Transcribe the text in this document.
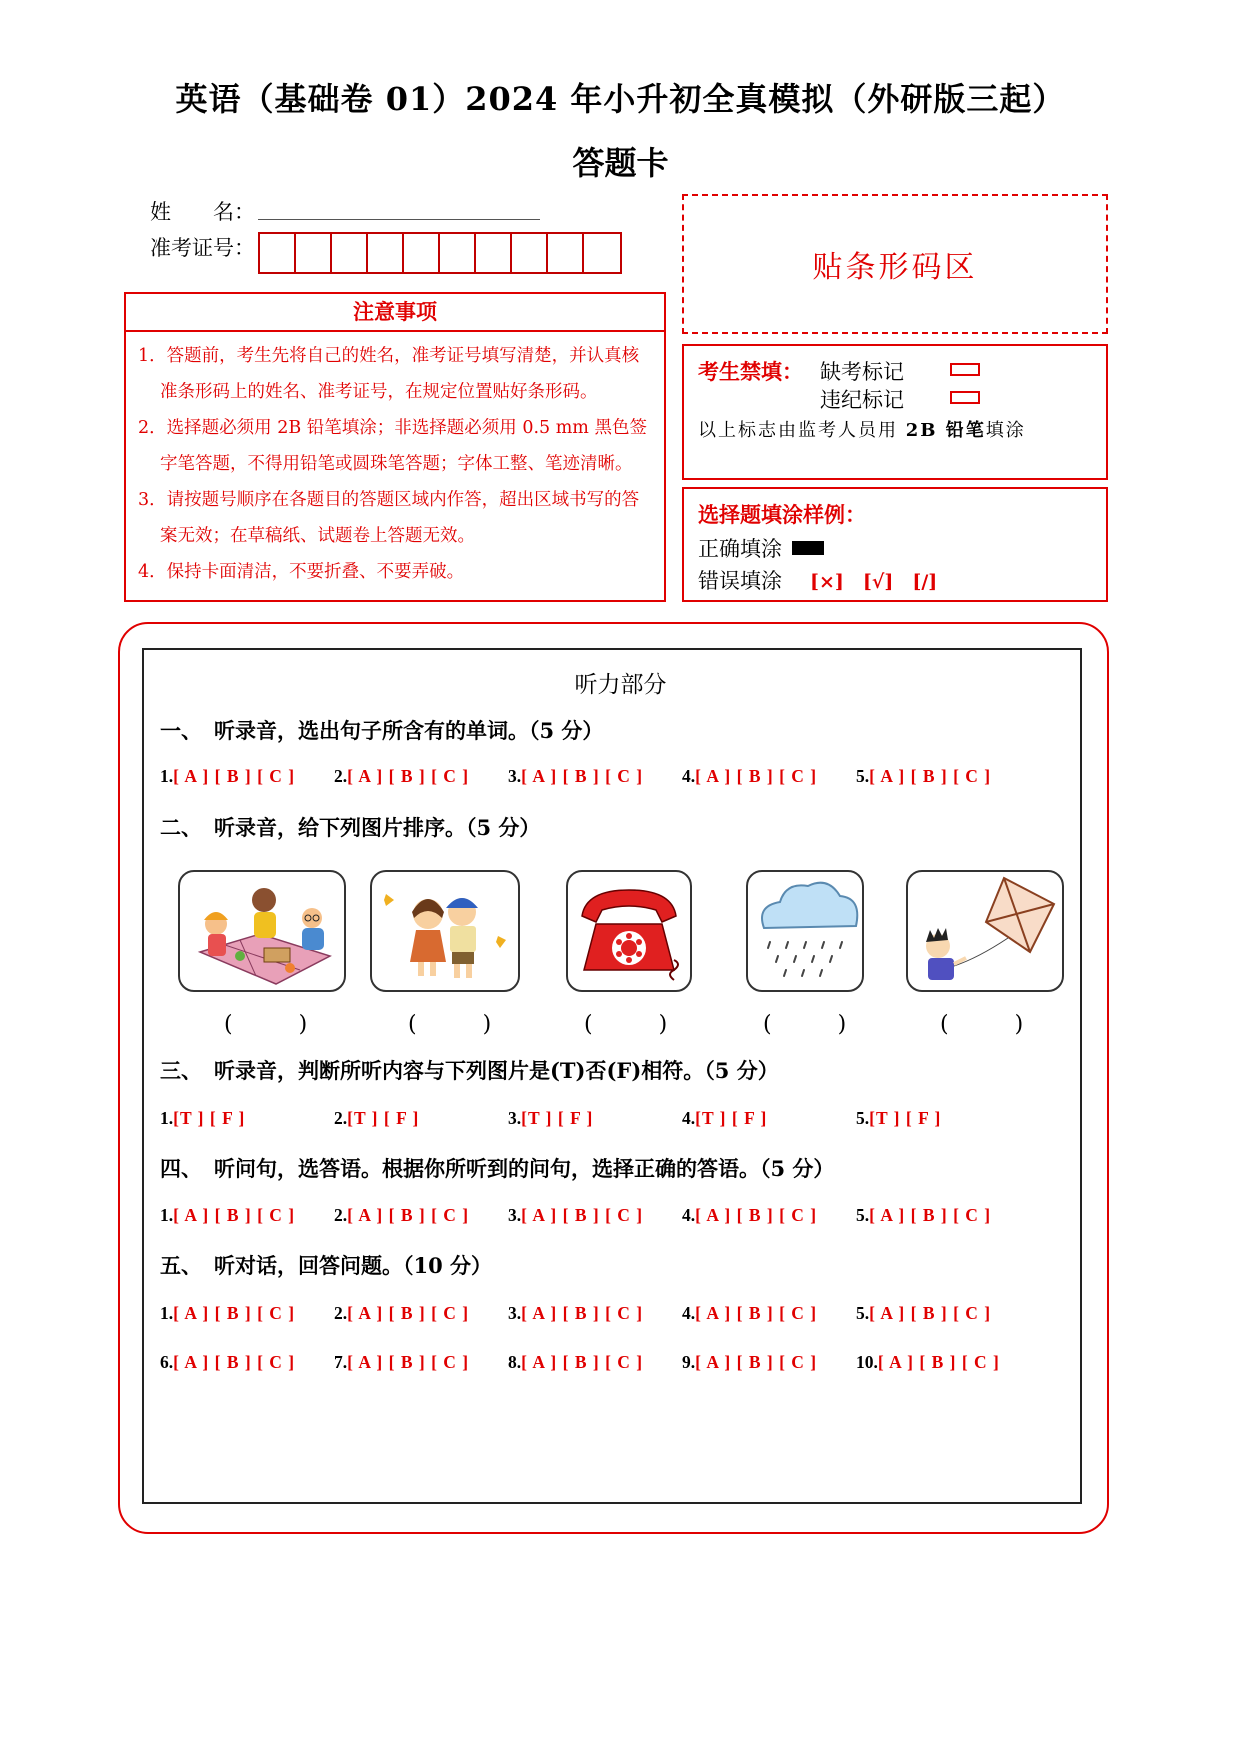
英语（基础卷 01）2024 年小升初全真模拟（外研版三起）
答题卡
姓　　名：
准考证号：
贴条形码区
注意事项
1．答题前，考生先将自己的姓名，准考证号填写清楚，并认真核准条形码上的姓名、准考证号，在规定位置贴好条形码。
2．选择题必须用 2B 铅笔填涂；非选择题必须用 0.5 mm 黑色签字笔答题，不得用铅笔或圆珠笔答题；字体工整、笔迹清晰。
3．请按题号顺序在各题目的答题区域内作答，超出区域书写的答案无效；在草稿纸、试题卷上答题无效。
4．保持卡面清洁，不要折叠、不要弄破。
考生禁填： 缺考标记
违纪标记
以上标志由监考人员用 2B 铅笔填涂
选择题填涂样例：
正确填涂
错误填涂 [×]　[√]　[/]
听力部分
一、 听录音，选出句子所含有的单词。（5 分）
1.[ A ] [ B ] [ C ] 2.[ A ] [ B ] [ C ] 3.[ A ] [ B ] [ C ] 4.[ A ] [ B ] [ C ] 5.[ A ] [ B ] [ C ]
二、 听录音，给下列图片排序。（5 分）
(　　　)	(　　　)	(　　　)	(　　　)	(　　　)
三、 听录音，判断所听内容与下列图片是(T)否(F)相符。（5 分）
1.[T ] [ F ]	2.[T ] [ F ]	3.[T ] [ F ]	4.[T ] [ F ]	5.[T ] [ F ]
四、 听问句，选答语。根据你所听到的问句，选择正确的答语。（5 分）
1.[ A ] [ B ] [ C ] 2.[ A ] [ B ] [ C ] 3.[ A ] [ B ] [ C ] 4.[ A ] [ B ] [ C ] 5.[ A ] [ B ] [ C ]
五、 听对话，回答问题。（10 分）
1.[ A ] [ B ] [ C ] 2.[ A ] [ B ] [ C ] 3.[ A ] [ B ] [ C ] 4.[ A ] [ B ] [ C ] 5.[ A ] [ B ] [ C ]
6.[ A ] [ B ] [ C ] 7.[ A ] [ B ] [ C ] 8.[ A ] [ B ] [ C ] 9.[ A ] [ B ] [ C ] 10.[ A ] [ B ] [ C ]
